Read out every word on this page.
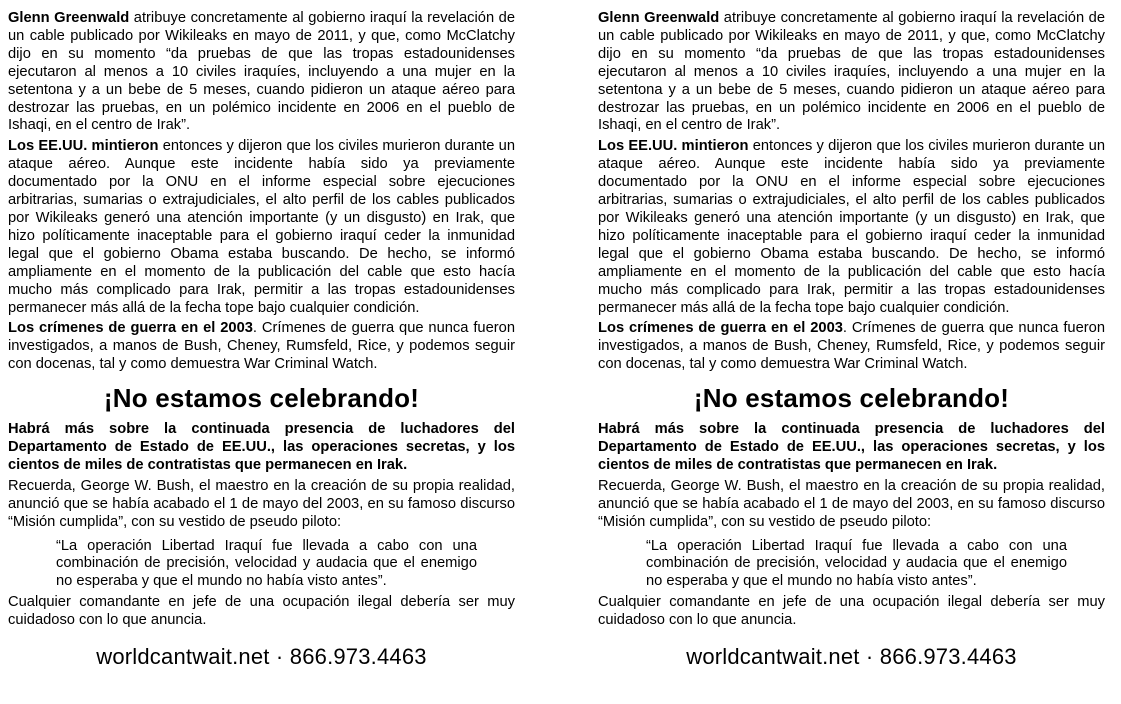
Glenn Greenwald atribuye concretamente al gobierno iraquí la revelación de un cable publicado por Wikileaks en mayo de 2011, y que, como McClatchy dijo en su momento “da pruebas de que las tropas estadounidenses ejecutaron al menos a 10 civiles iraquíes, incluyendo a una mujer en la setentona y a un bebe de 5 meses, cuando pidieron un ataque aéreo para destrozar las pruebas, en un polémico incidente en 2006 en el pueblo de Ishaqi, en el centro de Irak”.

Los EE.UU. mintieron entonces y dijeron que los civiles murieron durante un ataque aéreo. Aunque este incidente había sido ya previamente documentado por la ONU en el informe especial sobre ejecuciones arbitrarias, sumarias o extrajudiciales, el alto perfil de los cables publicados por Wikileaks generó una atención importante (y un disgusto) en Irak, que hizo políticamente inaceptable para el gobierno iraquí ceder la inmunidad legal que el gobierno Obama estaba buscando. De hecho, se informó ampliamente en el momento de la publicación del cable que esto hacía mucho más complicado para Irak, permitir a las tropas estadounidenses permanecer más allá de la fecha tope bajo cualquier condición.

Los crímenes de guerra en el 2003. Crímenes de guerra que nunca fueron investigados, a manos de Bush, Cheney, Rumsfeld, Rice, y podemos seguir con docenas, tal y como demuestra War Criminal Watch.

¡No estamos celebrando!

Habrá más sobre la continuada presencia de luchadores del Departamento de Estado de EE.UU., las operaciones secretas, y los cientos de miles de contratistas que permanecen en Irak.

Recuerda, George W. Bush, el maestro en la creación de su propia realidad, anunció que se había acabado el 1 de mayo del 2003, en su famoso discurso “Misión cumplida”, con su vestido de pseudo piloto:

“La operación Libertad Iraquí fue llevada a cabo con una combinación de precisión, velocidad y audacia que el enemigo no esperaba y que el mundo no había visto antes”.

Cualquier comandante en jefe de una ocupación ilegal debería ser muy cuidadoso con lo que anuncia.

worldcantwait.net · 866.973.4463

Glenn Greenwald atribuye concretamente al gobierno iraquí la revelación de un cable publicado por Wikileaks en mayo de 2011, y que, como McClatchy dijo en su momento “da pruebas de que las tropas estadounidenses ejecutaron al menos a 10 civiles iraquíes, incluyendo a una mujer en la setentona y a un bebe de 5 meses, cuando pidieron un ataque aéreo para destrozar las pruebas, en un polémico incidente en 2006 en el pueblo de Ishaqi, en el centro de Irak”.

Los EE.UU. mintieron entonces y dijeron que los civiles murieron durante un ataque aéreo. Aunque este incidente había sido ya previamente documentado por la ONU en el informe especial sobre ejecuciones arbitrarias, sumarias o extrajudiciales, el alto perfil de los cables publicados por Wikileaks generó una atención importante (y un disgusto) en Irak, que hizo políticamente inaceptable para el gobierno iraquí ceder la inmunidad legal que el gobierno Obama estaba buscando. De hecho, se informó ampliamente en el momento de la publicación del cable que esto hacía mucho más complicado para Irak, permitir a las tropas estadounidenses permanecer más allá de la fecha tope bajo cualquier condición.

Los crímenes de guerra en el 2003. Crímenes de guerra que nunca fueron investigados, a manos de Bush, Cheney, Rumsfeld, Rice, y podemos seguir con docenas, tal y como demuestra War Criminal Watch.

¡No estamos celebrando!

Habrá más sobre la continuada presencia de luchadores del Departamento de Estado de EE.UU., las operaciones secretas, y los cientos de miles de contratistas que permanecen en Irak.

Recuerda, George W. Bush, el maestro en la creación de su propia realidad, anunció que se había acabado el 1 de mayo del 2003, en su famoso discurso “Misión cumplida”, con su vestido de pseudo piloto:

“La operación Libertad Iraquí fue llevada a cabo con una combinación de precisión, velocidad y audacia que el enemigo no esperaba y que el mundo no había visto antes”.

Cualquier comandante en jefe de una ocupación ilegal debería ser muy cuidadoso con lo que anuncia.

worldcantwait.net · 866.973.4463
